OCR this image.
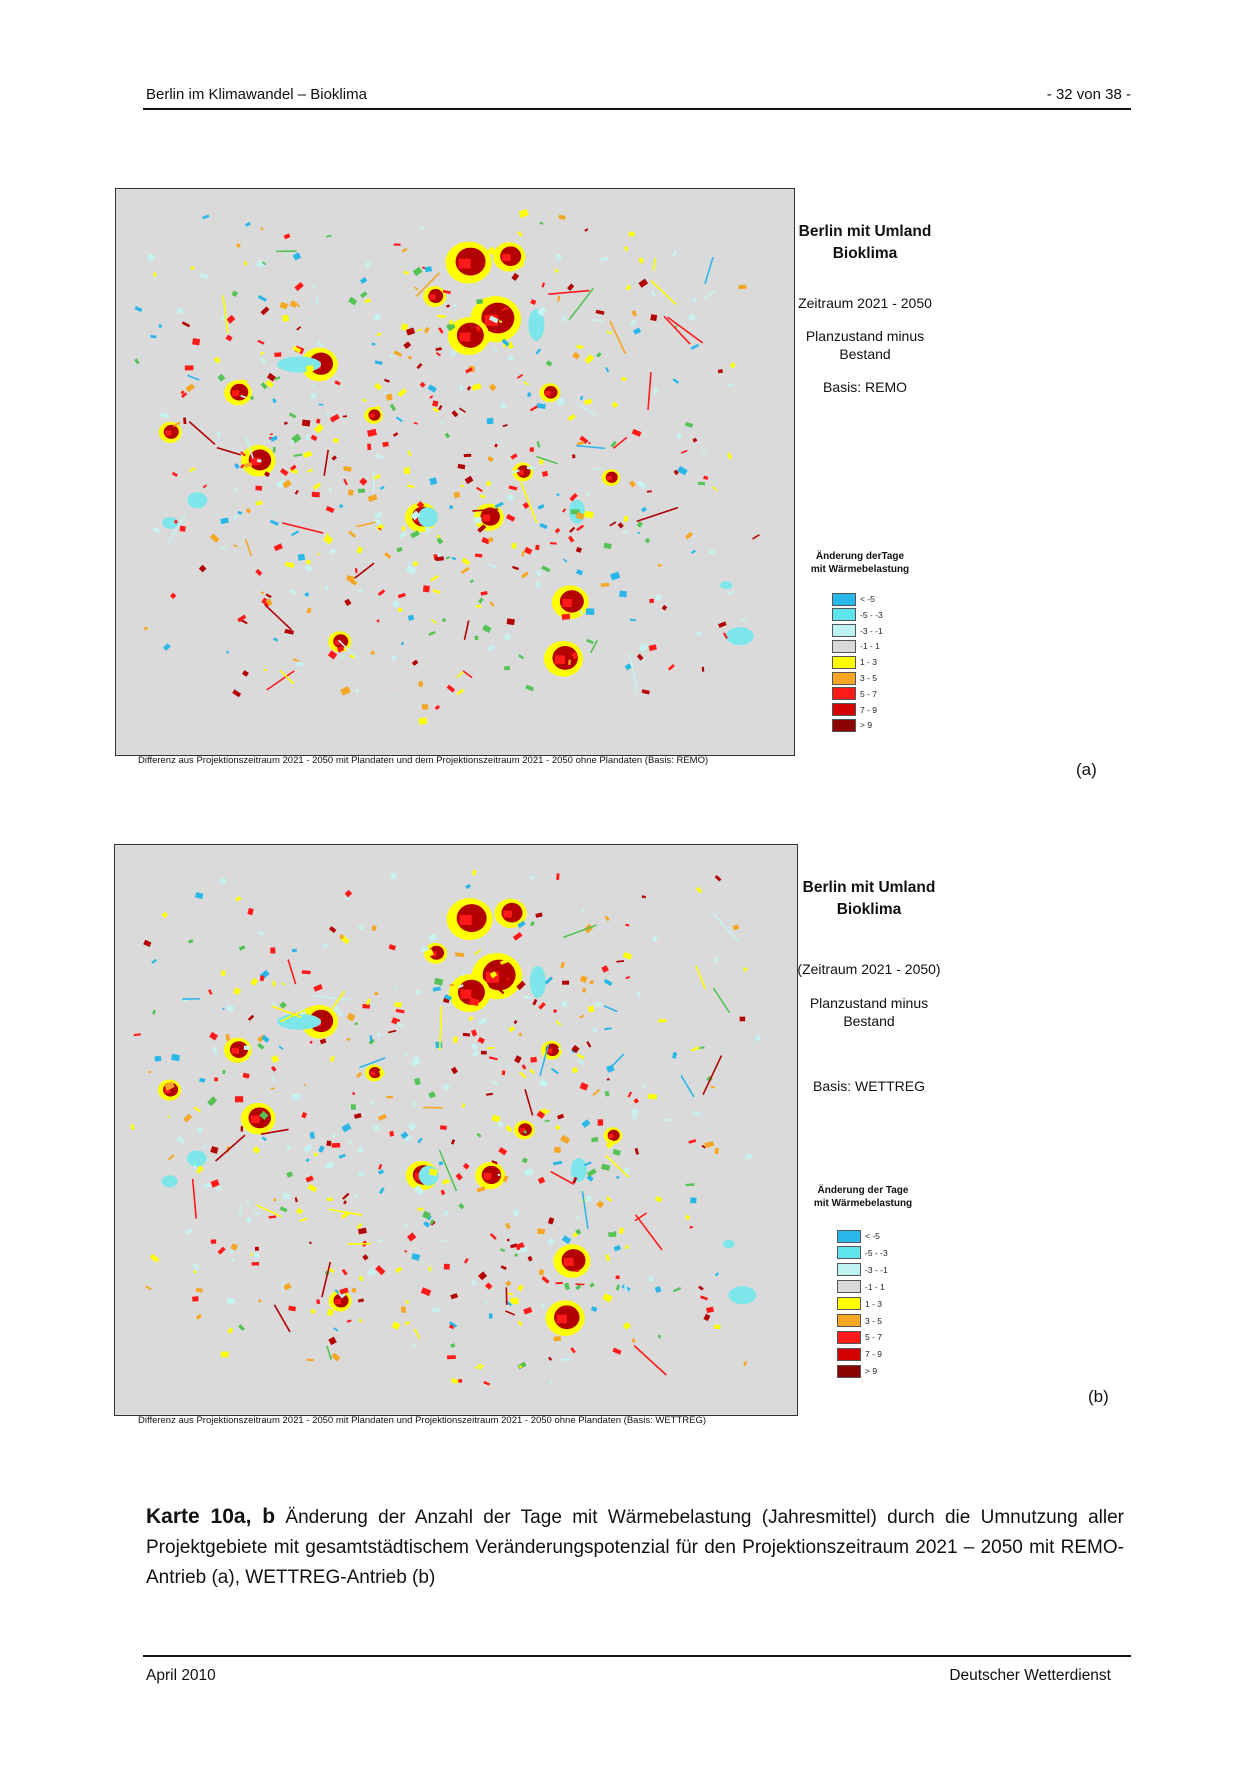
Berlin im Klimawandel – Bioklima	- 32 von 38 -
Differenz aus Projektionszeitraum 2021 - 2050 mit Plandaten und dem Projektionszeitraum 2021 - 2050 ohne Plandaten (Basis: REMO)
Berlin mit Umland
Bioklima
Zeitraum 2021 - 2050
Planzustand minus
Bestand
Basis: REMO
Änderung derTage
mit Wärmebelastung
< -5
-5 - -3
-3 - -1
-1 - 1
1 - 3
3 - 5
5 - 7
7 - 9
> 9
(a)
Differenz aus Projektionszeitraum 2021 - 2050 mit Plandaten und Projektionszeitraum 2021 - 2050 ohne Plandaten (Basis: WETTREG)
Berlin mit Umland
Bioklima
(Zeitraum 2021 - 2050)
Planzustand minus
Bestand
Basis: WETTREG
Änderung der Tage
mit Wärmebelastung
< -5
-5 - -3
-3 - -1
-1 - 1
1 - 3
3 - 5
5 - 7
7 - 9
> 9
(b)
Karte 10a, b Änderung der Anzahl der Tage mit Wärmebelastung (Jahresmittel) durch die Umnutzung aller Projektgebiete mit gesamtstädtischem Veränderungspotenzial für den Projektionszeitraum 2021 – 2050 mit REMO-Antrieb (a), WETTREG-Antrieb (b)
April 2010	Deutscher Wetterdienst
